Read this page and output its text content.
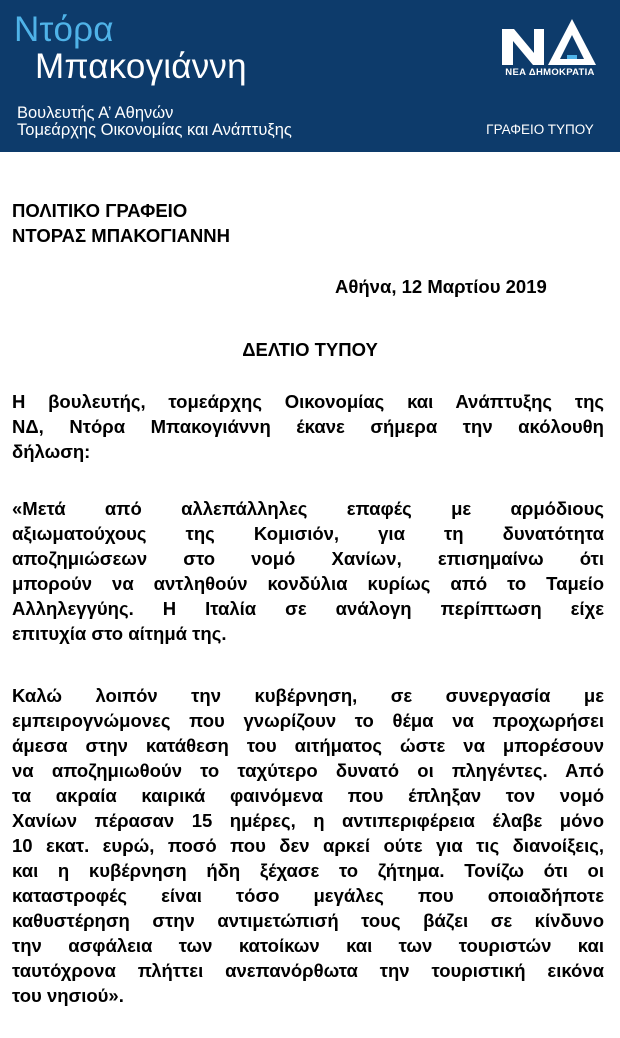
Ντόρα
Μπακογιάννη
Βουλευτής Α’ Αθηνών
Τομεάρχης Οικονομίας και Ανάπτυξης
ΝΕΑ ΔΗΜΟΚΡΑΤΙΑ
ΓΡΑΦΕΙΟ ΤΥΠΟΥ
ΠΟΛΙΤΙΚΟ ΓΡΑΦΕΙΟ
ΝΤΟΡΑΣ ΜΠΑΚΟΓΙΑΝΝΗ
Αθήνα, 12 Μαρτίου 2019
ΔΕΛΤΙΟ ΤΥΠΟΥ
Η βουλευτής, τομεάρχης Οικονομίας και Ανάπτυξης της
ΝΔ, Ντόρα Μπακογιάννη έκανε σήμερα την ακόλουθη
δήλωση:
«Μετά από αλλεπάλληλες επαφές με αρμόδιους
αξιωματούχους της Κομισιόν, για τη δυνατότητα
αποζημιώσεων στο νομό Χανίων, επισημαίνω ότι
μπορούν να αντληθούν κονδύλια κυρίως από το Ταμείο
Αλληλεγγύης. Η Ιταλία σε ανάλογη περίπτωση είχε
επιτυχία στο αίτημά της.
Καλώ λοιπόν την κυβέρνηση, σε συνεργασία με
εμπειρογνώμονες που γνωρίζουν το θέμα να προχωρήσει
άμεσα στην κατάθεση του αιτήματος ώστε να μπορέσουν
να αποζημιωθούν το ταχύτερο δυνατό οι πληγέντες. Από
τα ακραία καιρικά φαινόμενα που έπληξαν τον νομό
Χανίων πέρασαν 15 ημέρες, η αντιπεριφέρεια έλαβε μόνο
10 εκατ. ευρώ, ποσό που δεν αρκεί ούτε για τις διανοίξεις,
και η κυβέρνηση ήδη ξέχασε το ζήτημα. Τονίζω ότι οι
καταστροφές είναι τόσο μεγάλες που οποιαδήποτε
καθυστέρηση στην αντιμετώπισή τους βάζει σε κίνδυνο
την ασφάλεια των κατοίκων και των τουριστών και
ταυτόχρονα πλήττει ανεπανόρθωτα την τουριστική εικόνα
του νησιού».
